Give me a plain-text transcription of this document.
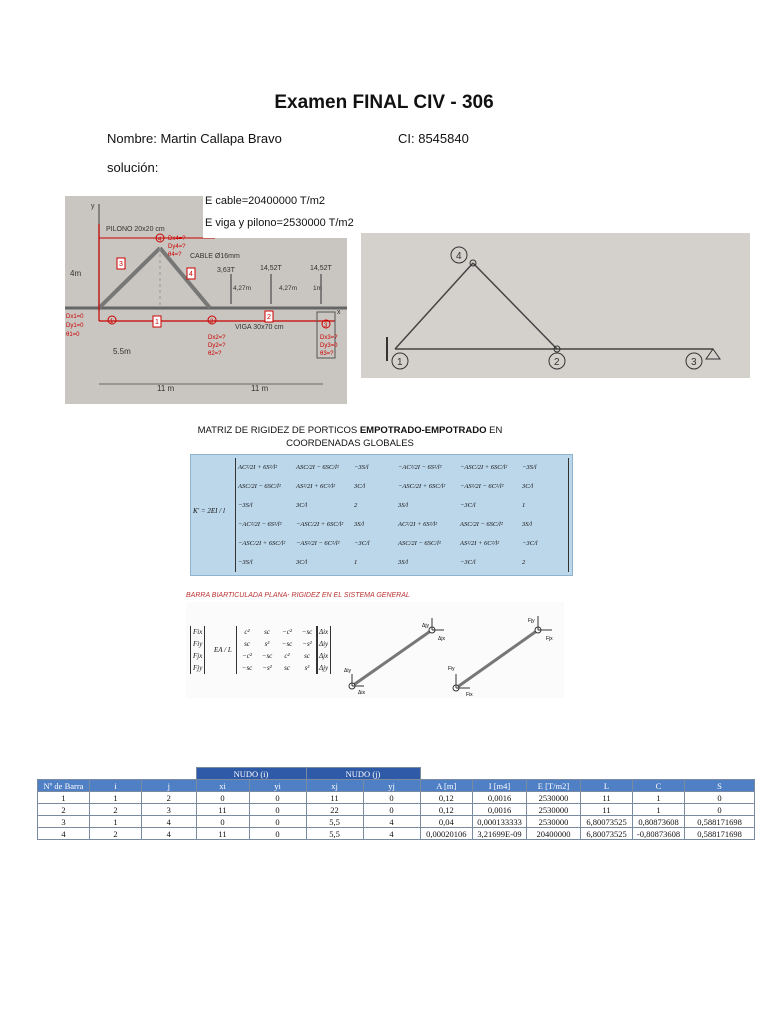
Examen FINAL CIV - 306
Nombre: Martin Callapa Bravo	CI: 8545840
solución:
y
x
PILONO 20x20 cm
CABLE Ø16mm
VIGA 30x70 cm
4m
5.5m
11 m	11 m
3,63T	14,52T	14,52T
4,27m	4,27m 1m
1	2
3
4
3
4
1
2
Dx1=0 Dy1=0 θ1=0	Dx2=? Dy2=? θ2=?
Dx3=? Dy3=0 θ3=?
Dx4=? Dy4=? θ4=?
E cable=20400000 T/m2
E viga y pilono=2530000 T/m2
1	2	3
4
MATRIZ DE RIGIDEZ DE PORTICOS EMPOTRADO-EMPOTRADO EN
COORDENADAS GLOBALES
K' = 2EI / l
AC²/2I + 6S²/l²	ASC/2I − 6SC/l²	−3S/l	−AC²/2I − 6S²/l²	−ASC/2I + 6SC/l²	−3S/l
ASC/2I − 6SC/l²	AS²/2I + 6C²/l²	3C/l	−ASC/2I + 6SC/l²	−AS²/2I − 6C²/l²	3C/l
−3S/l	3C/l	2	3S/l	−3C/l	1
−AC²/2I − 6S²/l²	−ASC/2I + 6SC/l²	3S/l	AC²/2I + 6S²/l²	ASC/2I − 6SC/l²	3S/l
−ASC/2I + 6SC/l²	−AS²/2I − 6C²/l²	−3C/l	ASC/2I − 6SC/l²	AS²/2I + 6C²/l²	−3C/l
−3S/l	3C/l	1	3S/l	−3C/l	2
BARRA BIARTICULADA PLANA- RIGIDEZ EN EL SISTEMA GENERAL
Fix
Fiy
Fjx
Fjy
EA / L
c²	sc	−c²	−sc
sc	s²	−sc	−s²
−c²	−sc	c²	sc
−sc	−s²	sc	s²
Δix
Δiy
Δjx
Δjy
Δjy
Δjx
Δiy
Δix
Fjy
Fjx
Fiy
Fix
			NUDO (i)		NUDO (j)							
Nº de Barra	i	j	xi	yi	xj	yj	A [m]	I [m4]	E [T/m2]	L	C	S
1	1	2	0	0	11	0	0,12	0,0016	2530000	11	1	0
2	2	3	11	0	22	0	0,12	0,0016	2530000	11	1	0
3	1	4	0	0	5,5	4	0,04	0,000133333	2530000	6,80073525	0,80873608	0,588171698
4	2	4	11	0	5,5	4	0,00020106	3,21699E-09	20400000	6,80073525	-0,80873608	0,588171698
